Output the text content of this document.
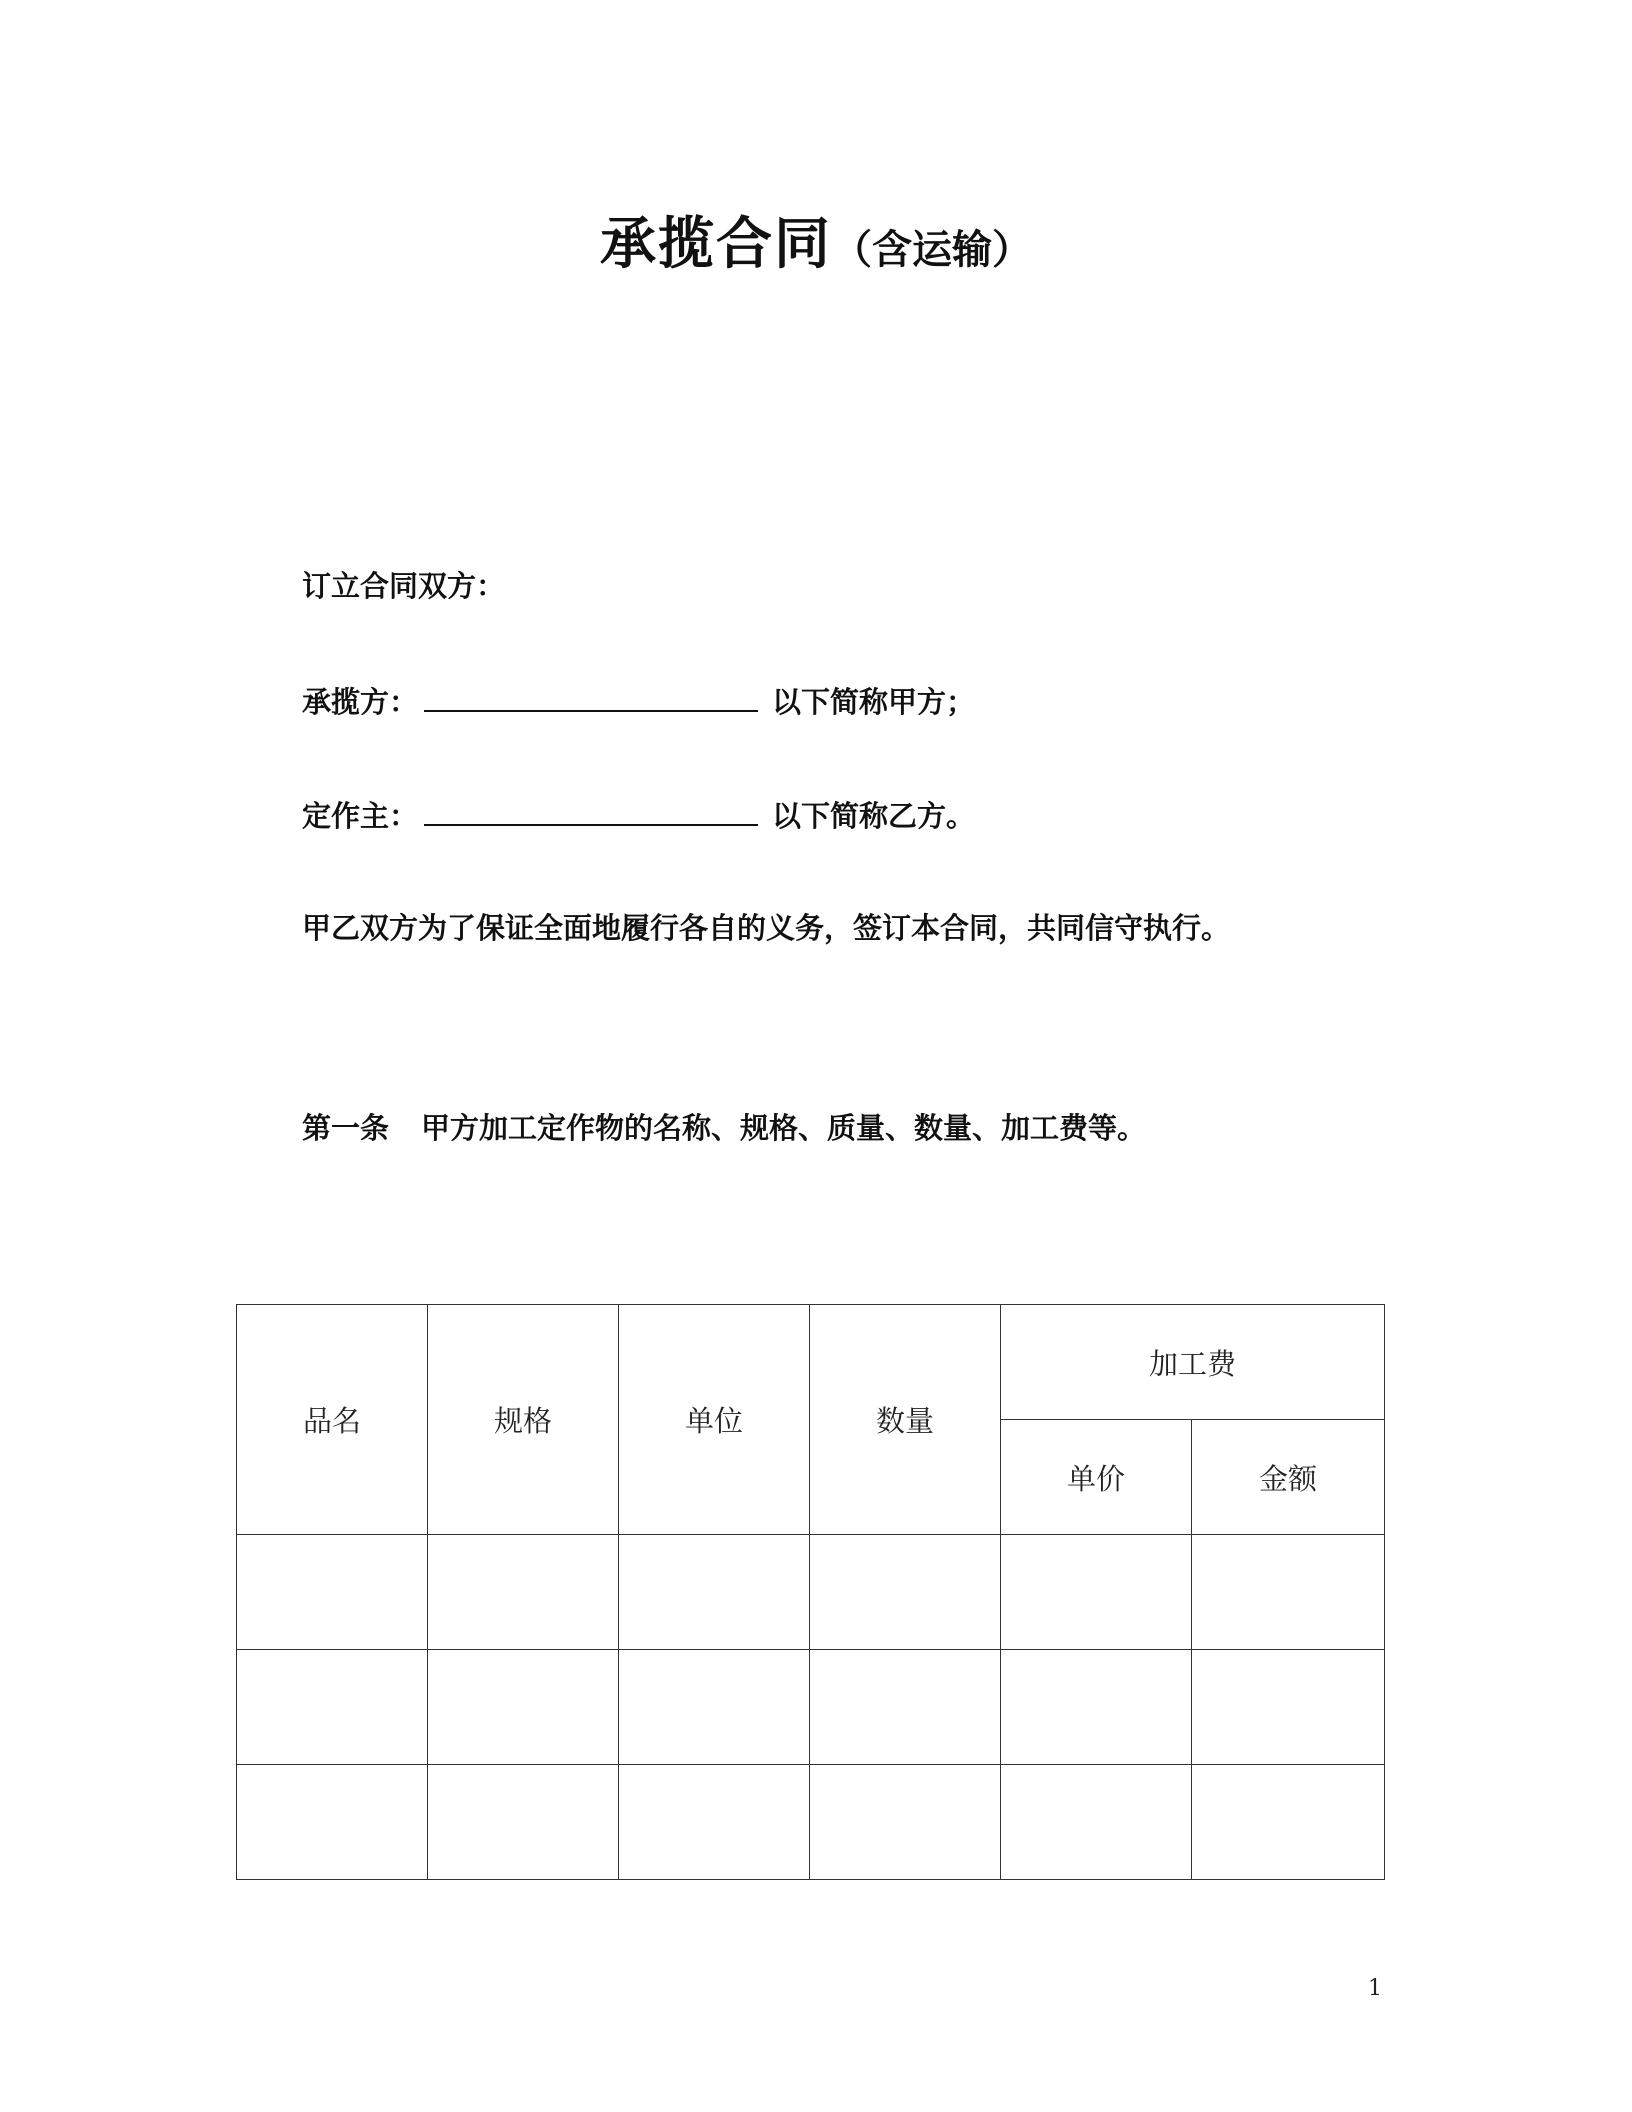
承揽合同（含运输）
订立合同双方：
承揽方：	以下简称甲方；
定作主：	以下简称乙方。
甲乙双方为了保证全面地履行各自的义务，签订本合同，共同信守执行。
第一条 甲方加工定作物的名称、规格、质量、数量、加工费等。
品名	规格	单位	数量	加工费	
				单价	金额

1
